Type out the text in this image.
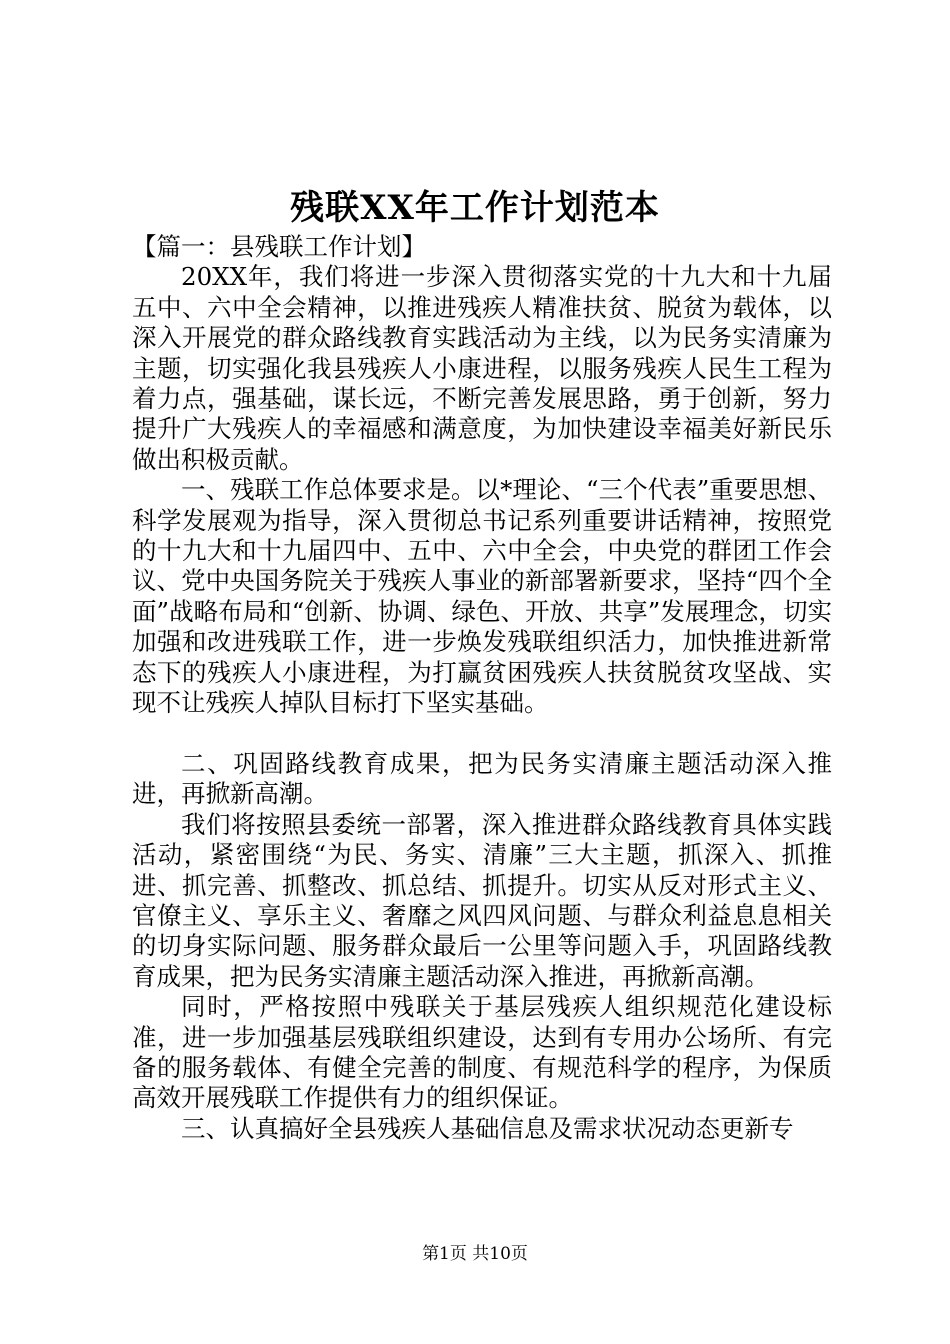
残联XX年工作计划范本

【篇一：县残联工作计划】

20XX年，我们将进一步深入贯彻落实党的十九大和十九届五中、六中全会精神，以推进残疾人精准扶贫、脱贫为载体，以深入开展党的群众路线教育实践活动为主线，以为民务实清廉为主题，切实强化我县残疾人小康进程，以服务残疾人民生工程为着力点，强基础，谋长远，不断完善发展思路，勇于创新，努力提升广大残疾人的幸福感和满意度，为加快建设幸福美好新民乐做出积极贡献。

一、残联工作总体要求是。以*理论、“三个代表”重要思想、科学发展观为指导，深入贯彻总书记系列重要讲话精神，按照党的十九大和十九届四中、五中、六中全会，中央党的群团工作会议、党中央国务院关于残疾人事业的新部署新要求，坚持“四个全面”战略布局和“创新、协调、绿色、开放、共享”发展理念，切实加强和改进残联工作，进一步焕发残联组织活力，加快推进新常态下的残疾人小康进程，为打赢贫困残疾人扶贫脱贫攻坚战、实现不让残疾人掉队目标打下坚实基础。

二、巩固路线教育成果，把为民务实清廉主题活动深入推进，再掀新高潮。

我们将按照县委统一部署，深入推进群众路线教育具体实践活动，紧密围绕“为民、务实、清廉”三大主题，抓深入、抓推进、抓完善、抓整改、抓总结、抓提升。切实从反对形式主义、官僚主义、享乐主义、奢靡之风四风问题、与群众利益息息相关的切身实际问题、服务群众最后一公里等问题入手，巩固路线教育成果，把为民务实清廉主题活动深入推进，再掀新高潮。

同时，严格按照中残联关于基层残疾人组织规范化建设标准，进一步加强基层残联组织建设，达到有专用办公场所、有完备的服务载体、有健全完善的制度、有规范科学的程序，为保质高效开展残联工作提供有力的组织保证。

三、认真搞好全县残疾人基础信息及需求状况动态更新专

第1页 共10页
